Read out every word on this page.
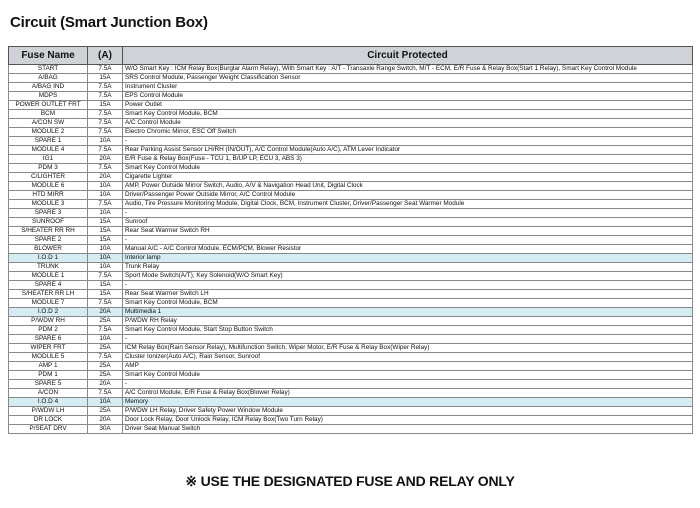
Circuit (Smart Junction Box)
Fuse Name	(A)	Circuit Protected
START	7.5A	W/O Smart Key : ICM Relay Box(Burglar Alarm Relay), With Smart Key : A/T - Transaxle Range Switch, M/T - ECM, E/R Fuse & Relay Box(Start 1 Relay), Smart Key Control Module
A/BAG	15A	SRS Control Module, Passenger Weight Classification Sensor
A/BAG IND	7.5A	Instrument Cluster
MDPS	7.5A	EPS Control Module
POWER OUTLET FRT	15A	Power Outlet
BCM	7.5A	Smart Key Control Module, BCM
A/CON SW	7.5A	A/C Control Module
MODULE 2	7.5A	Electro Chromic Mirror, ESC Off Switch
SPARE 1	10A	-
MODULE 4	7.5A	Rear Parking Assist Sensor LH/RH (IN/OUT), A/C Control Module(Auto A/C), ATM Lever Indicator
IG1	20A	E/R Fuse & Relay Box(Fuse - TCU 1, B/UP LP, ECU 3, ABS 3)
PDM 3	7.5A	Smart Key Control Module
C/LIGHTER	20A	Cigarette Lighter
MODULE 6	10A	AMP, Power Outside Mirror Switch, Audio, A/V & Navigation Head Unit, Digital Clock
HTD MIRR	10A	Driver/Passenger Power Outside Mirror, A/C Control Module
MODULE 3	7.5A	Audio, Tire Pressure Monitoring Module, Digital Clock, BCM, Instrument Cluster, Driver/Passenger Seat Warmer Module
SPARE 3	10A	-
SUNROOF	15A	Sunroof
S/HEATER RR RH	15A	Rear Seat Warmer Switch RH
SPARE 2	15A	-
BLOWER	10A	Manual A/C - A/C Control Module, ECM/PCM, Blower Resistor
I.O.D 1	10A	Interior lamp
TRUNK	10A	Trunk Relay
MODULE 1	7.5A	Sport Mode Switch(A/T), Key Solenoid(W/O Smart Key)
SPARE 4	15A	-
S/HEATER RR LH	15A	Rear Seat Warmer Switch LH
MODULE 7	7.5A	Smart Key Control Module, BCM
I.O.D 2	20A	Multimedia 1
P/WDW RH	25A	P/WDW RH Relay
PDM 2	7.5A	Smart Key Control Module, Start Stop Button Switch
SPARE 6	10A	-
WIPER FRT	25A	ICM Relay Box(Rain Sensor Relay), Multifunction Switch, Wiper Motor, E/R Fuse & Relay Box(Wiper Relay)
MODULE 5	7.5A	Cluster Ionizer(Auto A/C), Rain Sensor, Sunroof
AMP 1	25A	AMP
PDM 1	25A	Smart Key Control Module
SPARE 5	20A	-
A/CON	7.5A	A/C Control Module, E/R Fuse & Relay Box(Blower Relay)
I.O.D 4	10A	Memory
P/WDW LH	25A	P/WDW LH Relay, Driver Safety Power Window Module
DR LOCK	20A	Door Lock Relay, Door Unlock Relay, ICM Relay Box(Two Turn Relay)
P/SEAT DRV	30A	Driver Seat Manual Switch
※ USE THE DESIGNATED FUSE AND RELAY ONLY
